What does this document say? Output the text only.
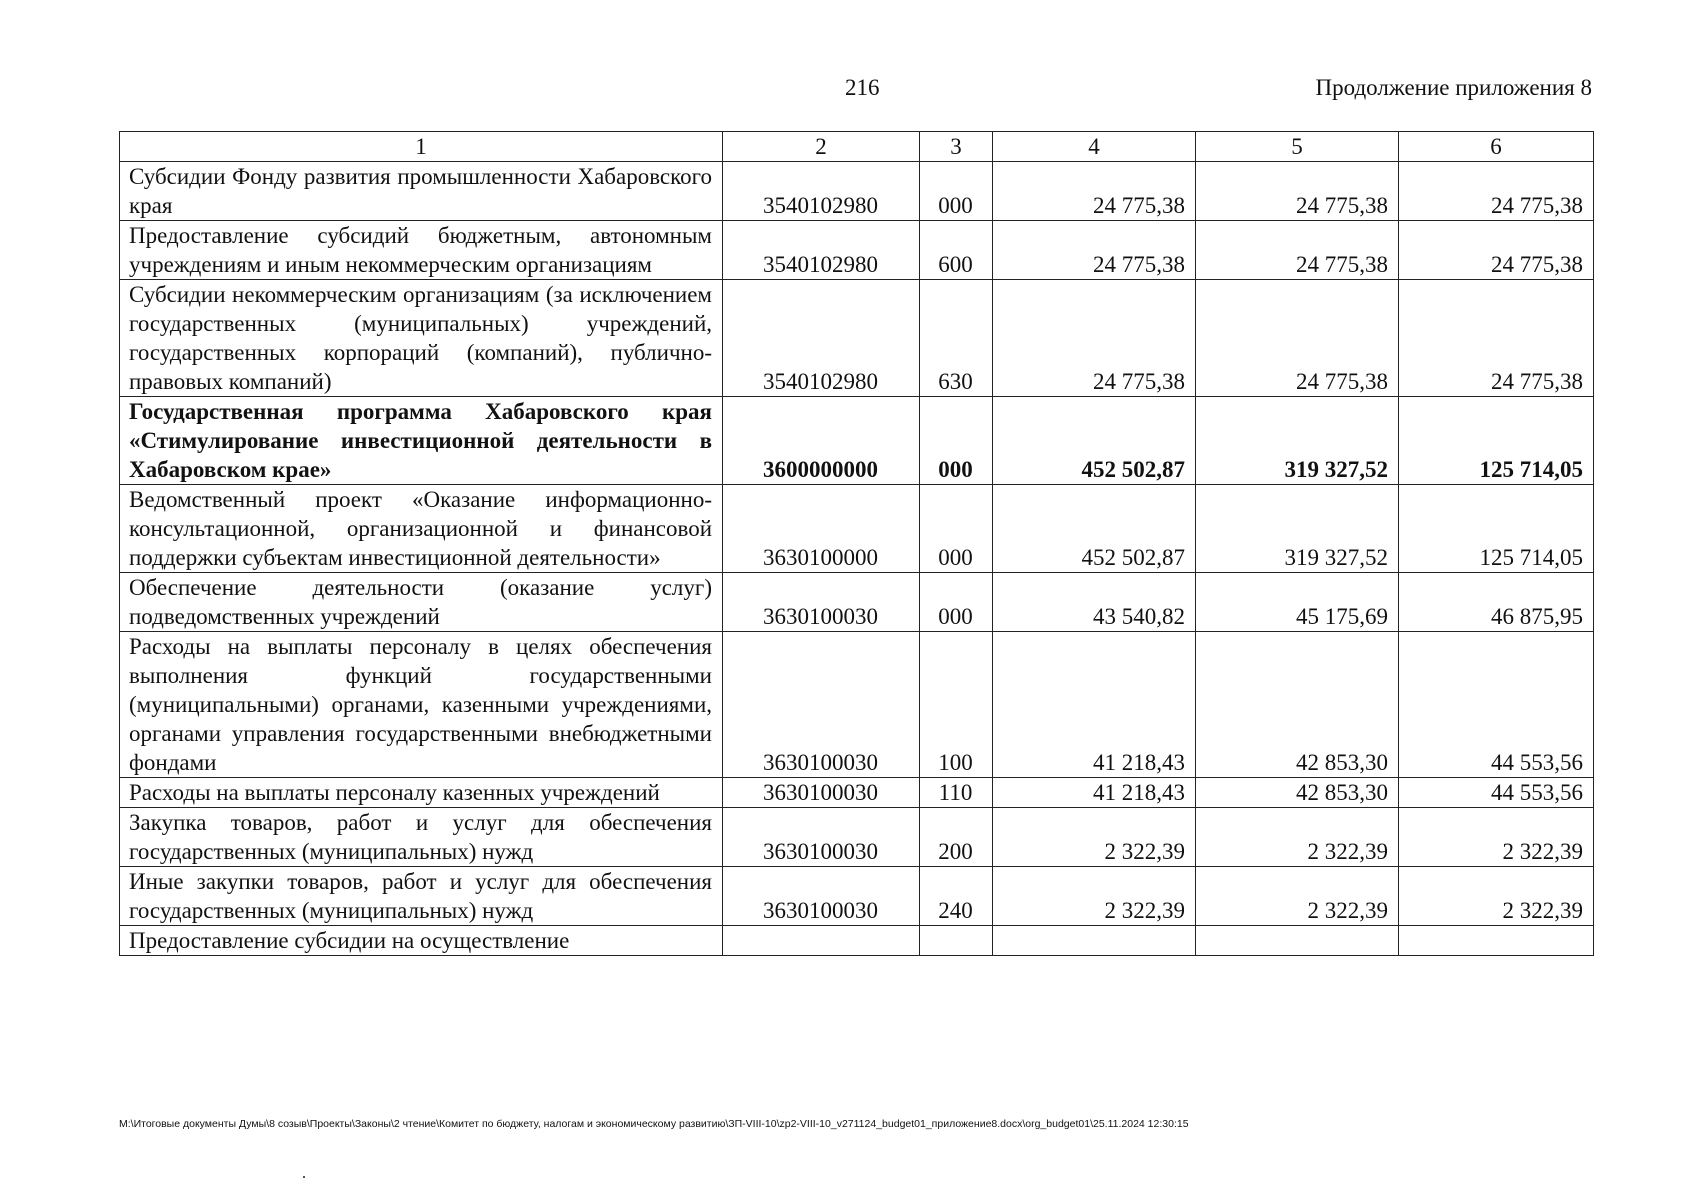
216	Продолжение приложения 8
1	2	3	4	5	6
Субсидии Фонду развития промышленности Хабаровского края	3540102980	000	24 775,38	24 775,38	24 775,38
Предоставление субсидий бюджетным, автономным учреждениям и иным некоммерческим организациям	3540102980	600	24 775,38	24 775,38	24 775,38
Субсидии некоммерческим организациям (за исключением государственных (муниципальных) учреждений, государственных корпораций (компаний), публично-правовых компаний)	3540102980	630	24 775,38	24 775,38	24 775,38
Государственная программа Хабаровского края «Стимулирование инвестиционной деятельности в Хабаровском крае»	3600000000	000	452 502,87	319 327,52	125 714,05
Ведомственный проект «Оказание информационно-консультационной, организационной и финансовой поддержки субъектам инвестиционной деятельности»	3630100000	000	452 502,87	319 327,52	125 714,05
Обеспечение деятельности (оказание услуг) подведомственных учреждений	3630100030	000	43 540,82	45 175,69	46 875,95
Расходы на выплаты персоналу в целях обеспечения выполнения функций государственными (муниципальными) органами, казенными учреждениями, органами управления государственными внебюджетными фондами	3630100030	100	41 218,43	42 853,30	44 553,56
Расходы на выплаты персоналу казенных учреждений	3630100030	110	41 218,43	42 853,30	44 553,56
Закупка товаров, работ и услуг для обеспечения государственных (муниципальных) нужд	3630100030	200	2 322,39	2 322,39	2 322,39
Иные закупки товаров, работ и услуг для обеспечения государственных (муниципальных) нужд	3630100030	240	2 322,39	2 322,39	2 322,39
Предоставление субсидии на осуществление					
M:\Итоговые документы Думы\8 созыв\Проекты\Законы\2 чтение\Комитет по бюджету, налогам и экономическому развитию\ЗП-VIII-10\zp2-VIII-10_v271124_budget01_приложение8.docx\org_budget01\25.11.2024 12:30:15
